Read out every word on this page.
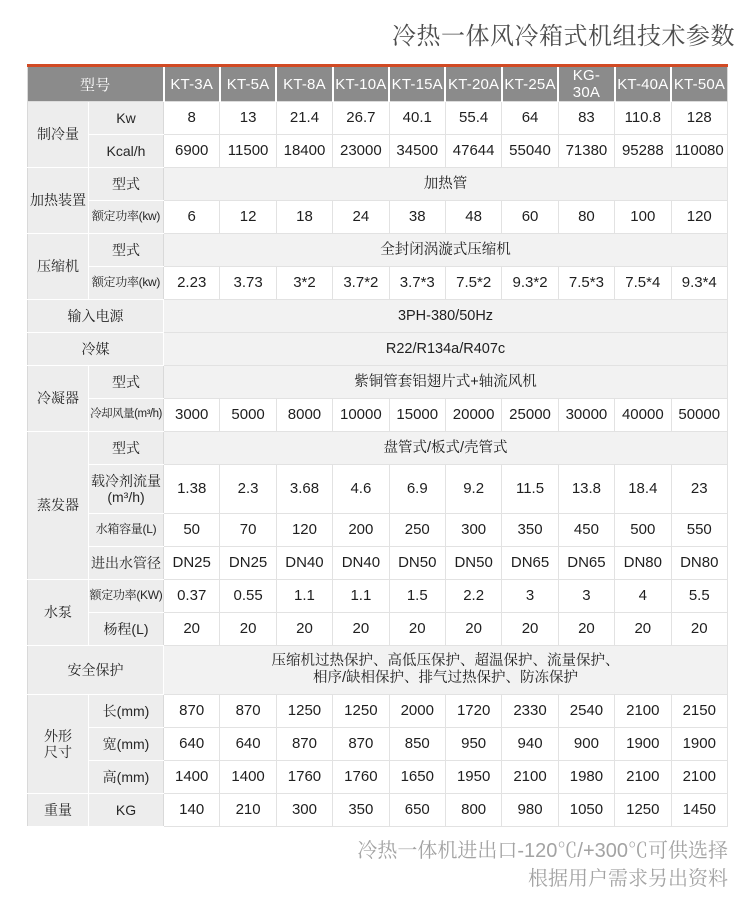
冷热一体风冷箱式机组技术参数
型号		KT-3A	KT-5A	KT-8A	KT-10A	KT-15A	KT-20A	KT-25A	KG-30A	KT-40A	KT-50A
制冷量	Kw	8	13	21.4	26.7	40.1	55.4	64	83	110.8	128
	Kcal/h	6900	11500	18400	23000	34500	47644	55040	71380	95288	110080
加热装置	型式	加热管									
	额定功率(kw)	6	12	18	24	38	48	60	80	100	120
压缩机	型式	全封闭涡漩式压缩机									
	额定功率(kw)	2.23	3.73	3*2	3.7*2	3.7*3	7.5*2	9.3*2	7.5*3	7.5*4	9.3*4
输入电源		3PH-380/50Hz									
冷媒		R22/R134a/R407c									
冷凝器	型式	紫铜管套铝翅片式+轴流风机									
	冷却风量(m³/h)	3000	5000	8000	10000	15000	20000	25000	30000	40000	50000
蒸发器	型式	盘管式/板式/壳管式									
	载冷剂流量
(m³/h)	1.38	2.3	3.68	4.6	6.9	9.2	11.5	13.8	18.4	23
	水箱容量(L)	50	70	120	200	250	300	350	450	500	550
	进出水管径	DN25	DN25	DN40	DN40	DN50	DN50	DN65	DN65	DN80	DN80
水泵	额定功率(KW)	0.37	0.55	1.1	1.1	1.5	2.2	3	3	4	5.5
	杨程(L)	20	20	20	20	20	20	20	20	20	20
安全保护		压缩机过热保护、高低压保护、超温保护、流量保护、
相序/缺相保护、排气过热保护、防冻保护									
外形
尺寸	长(mm)	870	870	1250	1250	2000	1720	2330	2540	2100	2150
	宽(mm)	640	640	870	870	850	950	940	900	1900	1900
	高(mm)	1400	1400	1760	1760	1650	1950	2100	1980	2100	2100
重量	KG	140	210	300	350	650	800	980	1050	1250	1450
冷热一体机进出口-120℃/+300℃可供选择
根据用户需求另出资料
